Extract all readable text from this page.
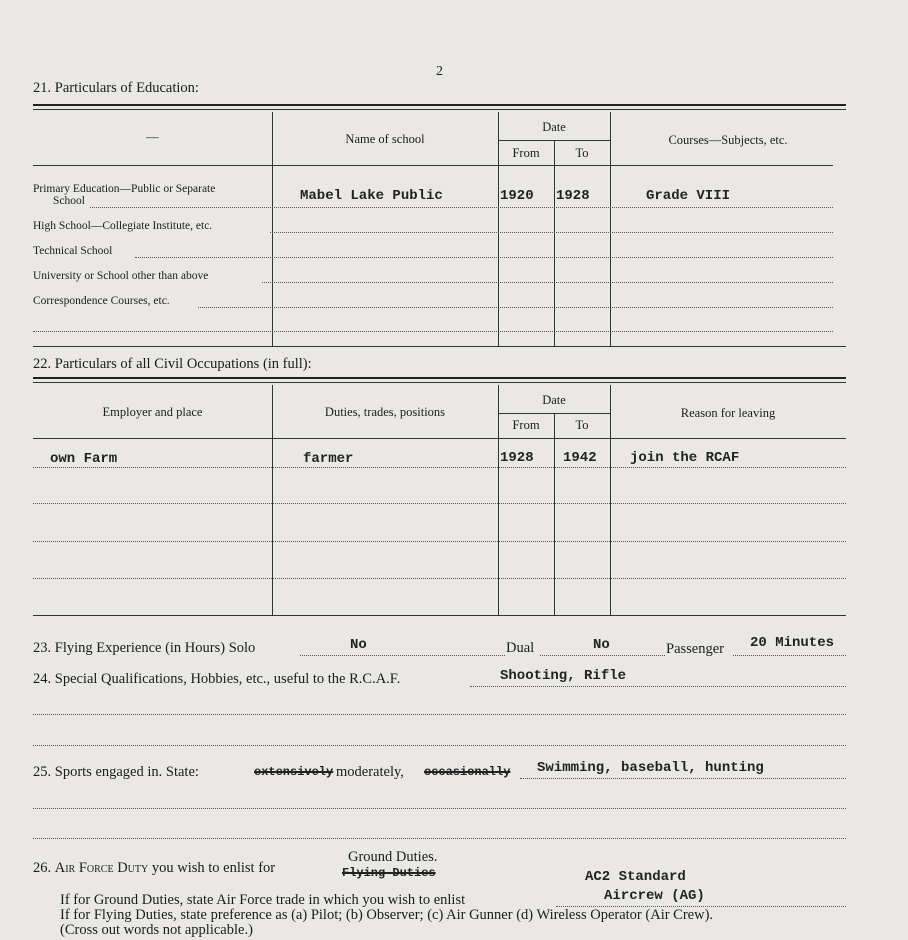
2
21. Particulars of Education:
—	Name of school
Date
From	To
Courses—Subjects, etc.
Primary Education—Public or Separate
School	Mabel Lake Public	1920 1928	Grade VIII
High School—Collegiate Institute, etc.
Technical School
University or School other than above
Correspondence Courses, etc.
22. Particulars of all Civil Occupations (in full):
Employer and place	Duties, trades, positions
Date
From	To
Reason for leaving
own Farm	farmer	1928 1942 join the RCAF
23. Flying Experience (in Hours) Solo	No	Dual	No	Passenger 20 Minutes
24. Special Qualifications, Hobbies, etc., useful to the R.C.A.F.	Shooting, Rifle
25. Sports engaged in. State:	extensively moderately, occasionally Swimming, baseball, hunting
26. Air Force Duty you wish to enlist for
Ground Duties.
Flying Duties	AC2 Standard
If for Ground Duties, state Air Force trade in which you wish to enlist	Aircrew (AG)
If for Flying Duties, state preference as (a) Pilot; (b) Observer; (c) Air Gunner (d) Wireless Operator (Air Crew).
(Cross out words not applicable.)
